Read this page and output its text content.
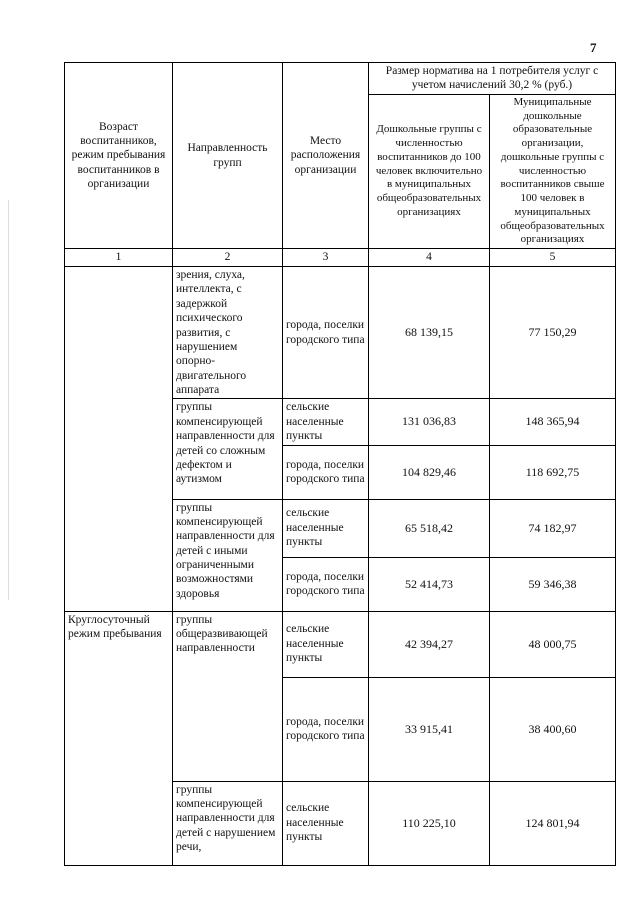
7
Возраст воспитанников, режим пребывания воспитанников в организации	Направленность групп	Место расположения организации	Размер норматива на 1 потребителя услуг с учетом начислений 30,2 % (руб.)	
			Дошкольные группы с численностью воспитанников до 100 человек включительно в муниципальных общеобразовательных организациях	Муниципальные дошкольные образовательные организации, дошкольные группы с численностью воспитанников свыше 100 человек в муниципальных общеобразовательных организациях
1	2	3	4	5
	зрения, слуха, интеллекта, с задержкой психического развития, с нарушением опорно-двигательного аппарата	города, поселки городского типа	68 139,15	77 150,29
	группы компенсирующей направленности для детей со сложным дефектом и аутизмом	сельские населенные пункты	131 036,83	148 365,94
		города, поселки городского типа	104 829,46	118 692,75
	группы компенсирующей направленности для детей с иными ограниченными возможностями здоровья	сельские населенные пункты	65 518,42	74 182,97
		города, поселки городского типа	52 414,73	59 346,38
Круглосуточный режим пребывания	группы общеразвивающей направленности	сельские населенные пункты	42 394,27	48 000,75
		города, поселки городского типа	33 915,41	38 400,60
	группы компенсирующей направленности для детей с нарушением речи,	сельские населенные пункты	110 225,10	124 801,94
